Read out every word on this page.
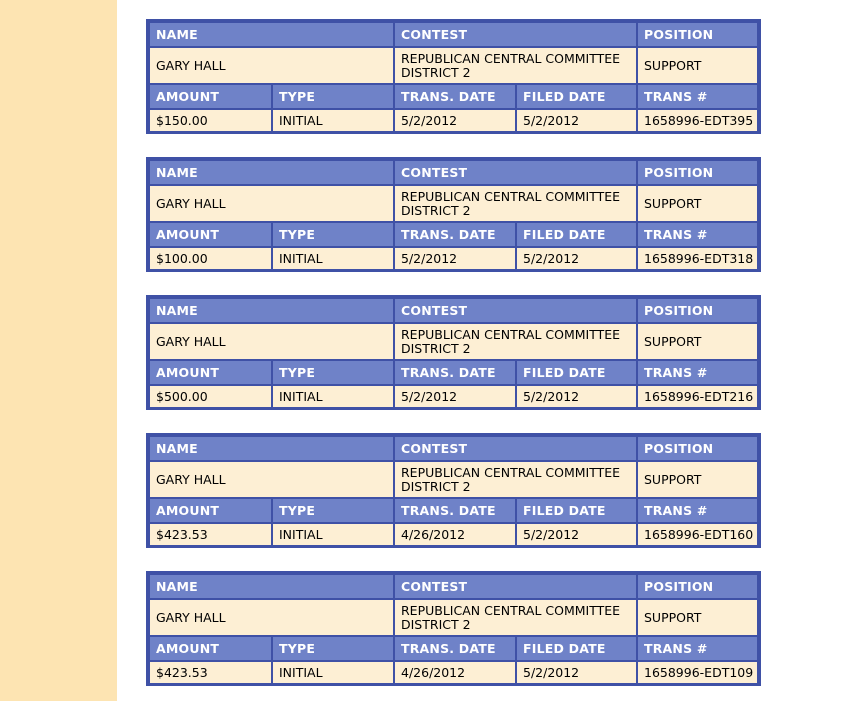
NAME	CONTEST	POSITION
GARY HALL	REPUBLICAN CENTRAL COMMITTEE DISTRICT 2	SUPPORT
AMOUNT	TYPE	TRANS. DATE	FILED DATE	TRANS #
$150.00	INITIAL	5/2/2012	5/2/2012	1658996-EDT395
NAME	CONTEST	POSITION
GARY HALL	REPUBLICAN CENTRAL COMMITTEE DISTRICT 2	SUPPORT
AMOUNT	TYPE	TRANS. DATE	FILED DATE	TRANS #
$100.00	INITIAL	5/2/2012	5/2/2012	1658996-EDT318
NAME	CONTEST	POSITION
GARY HALL	REPUBLICAN CENTRAL COMMITTEE DISTRICT 2	SUPPORT
AMOUNT	TYPE	TRANS. DATE	FILED DATE	TRANS #
$500.00	INITIAL	5/2/2012	5/2/2012	1658996-EDT216
NAME	CONTEST	POSITION
GARY HALL	REPUBLICAN CENTRAL COMMITTEE DISTRICT 2	SUPPORT
AMOUNT	TYPE	TRANS. DATE	FILED DATE	TRANS #
$423.53	INITIAL	4/26/2012	5/2/2012	1658996-EDT160
NAME	CONTEST	POSITION
GARY HALL	REPUBLICAN CENTRAL COMMITTEE DISTRICT 2	SUPPORT
AMOUNT	TYPE	TRANS. DATE	FILED DATE	TRANS #
$423.53	INITIAL	4/26/2012	5/2/2012	1658996-EDT109
